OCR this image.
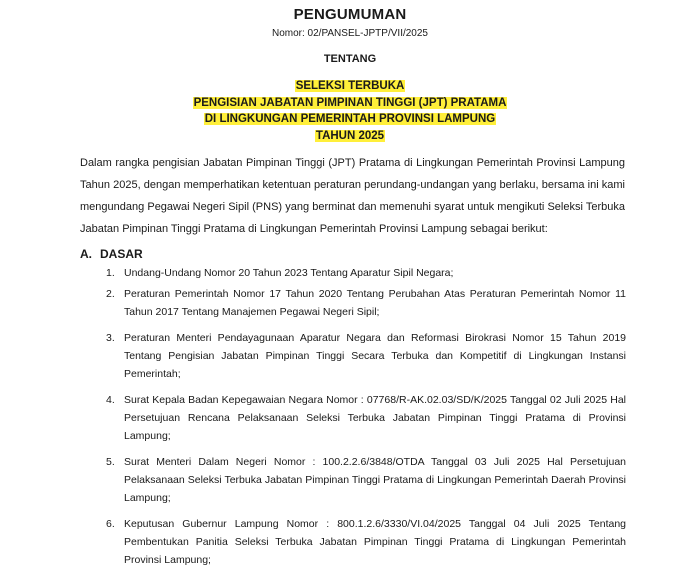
PENGUMUMAN
Nomor: 02/PANSEL-JPTP/VII/2025
TENTANG
SELEKSI TERBUKA
PENGISIAN JABATAN PIMPINAN TINGGI (JPT) PRATAMA
DI LINGKUNGAN PEMERINTAH PROVINSI LAMPUNG
TAHUN 2025
Dalam rangka pengisian Jabatan Pimpinan Tinggi (JPT) Pratama di Lingkungan Pemerintah Provinsi Lampung Tahun 2025, dengan memperhatikan ketentuan peraturan perundang-undangan yang berlaku, bersama ini kami mengundang Pegawai Negeri Sipil (PNS) yang berminat dan memenuhi syarat untuk mengikuti Seleksi Terbuka Jabatan Pimpinan Tinggi Pratama di Lingkungan Pemerintah Provinsi Lampung sebagai berikut:
A. DASAR
1. Undang-Undang Nomor 20 Tahun 2023 Tentang Aparatur Sipil Negara;
2. Peraturan Pemerintah Nomor 17 Tahun 2020 Tentang Perubahan Atas Peraturan Pemerintah Nomor 11 Tahun 2017 Tentang Manajemen Pegawai Negeri Sipil;
3. Peraturan Menteri Pendayagunaan Aparatur Negara dan Reformasi Birokrasi Nomor 15 Tahun 2019 Tentang Pengisian Jabatan Pimpinan Tinggi Secara Terbuka dan Kompetitif di Lingkungan Instansi Pemerintah;
4. Surat Kepala Badan Kepegawaian Negara Nomor : 07768/R-AK.02.03/SD/K/2025 Tanggal 02 Juli 2025 Hal Persetujuan Rencana Pelaksanaan Seleksi Terbuka Jabatan Pimpinan Tinggi Pratama di Provinsi Lampung;
5. Surat Menteri Dalam Negeri Nomor : 100.2.2.6/3848/OTDA Tanggal 03 Juli 2025 Hal Persetujuan Pelaksanaan Seleksi Terbuka Jabatan Pimpinan Tinggi Pratama di Lingkungan Pemerintah Daerah Provinsi Lampung;
6. Keputusan Gubernur Lampung Nomor : 800.1.2.6/3330/VI.04/2025 Tanggal 04 Juli 2025 Tentang Pembentukan Panitia Seleksi Terbuka Jabatan Pimpinan Tinggi Pratama di Lingkungan Pemerintah Provinsi Lampung;
